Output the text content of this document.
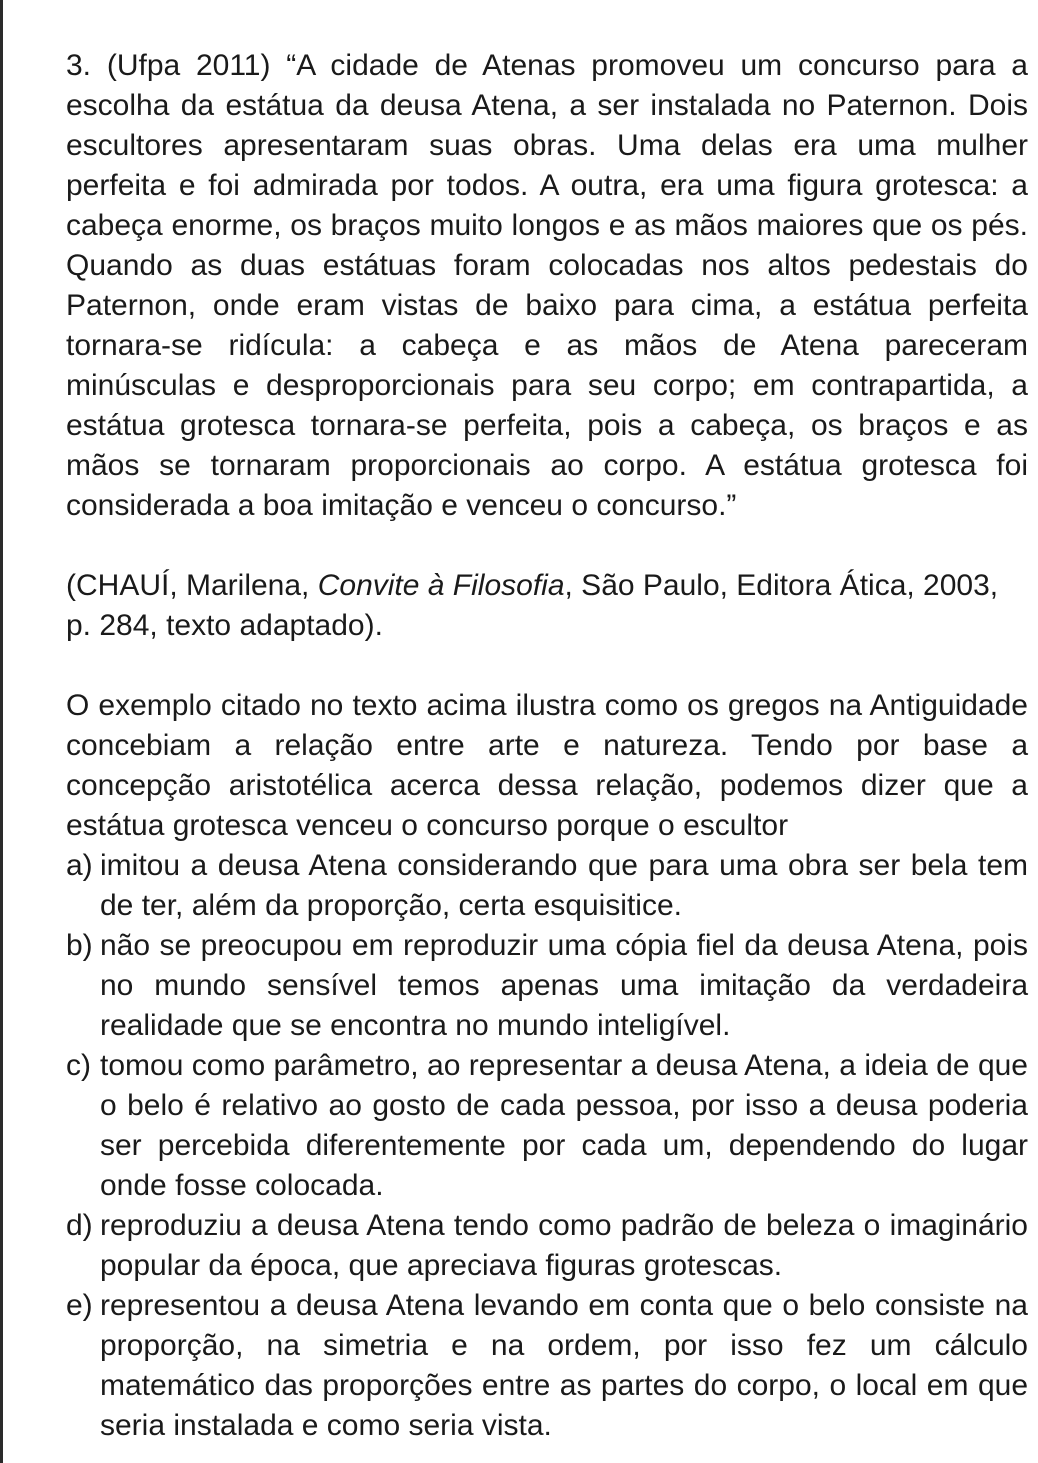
3. (Ufpa 2011) “A cidade de Atenas promoveu um concurso para a escolha da estátua da deusa Atena, a ser instalada no Paternon. Dois escultores apresentaram suas obras. Uma delas era uma mulher perfeita e foi admirada por todos. A outra, era uma figura grotesca: a cabeça enorme, os braços muito longos e as mãos maiores que os pés. Quando as duas estátuas foram colocadas nos altos pedestais do Paternon, onde eram vistas de baixo para cima, a estátua perfeita tornara-se ridícula: a cabeça e as mãos de Atena pareceram minúsculas e desproporcionais para seu corpo; em contrapartida, a estátua grotesca tornara-se perfeita, pois a cabeça, os braços e as mãos se tornaram proporcionais ao corpo. A estátua grotesca foi considerada a boa imitação e venceu o concurso.”

(CHAUÍ, Marilena, Convite à Filosofia, São Paulo, Editora Ática, 2003, p. 284, texto adaptado).

O exemplo citado no texto acima ilustra como os gregos na Antiguidade concebiam a relação entre arte e natureza. Tendo por base a concepção aristotélica acerca dessa relação, podemos dizer que a estátua grotesca venceu o concurso porque o escultor

a) imitou a deusa Atena considerando que para uma obra ser bela tem de ter, além da proporção, certa esquisitice.
b) não se preocupou em reproduzir uma cópia fiel da deusa Atena, pois no mundo sensível temos apenas uma imitação da verdadeira realidade que se encontra no mundo inteligível.
c) tomou como parâmetro, ao representar a deusa Atena, a ideia de que o belo é relativo ao gosto de cada pessoa, por isso a deusa poderia ser percebida diferentemente por cada um, dependendo do lugar onde fosse colocada.
d) reproduziu a deusa Atena tendo como padrão de beleza o imaginário popular da época, que apreciava figuras grotescas.
e) representou a deusa Atena levando em conta que o belo consiste na proporção, na simetria e na ordem, por isso fez um cálculo matemático das proporções entre as partes do corpo, o local em que seria instalada e como seria vista.
